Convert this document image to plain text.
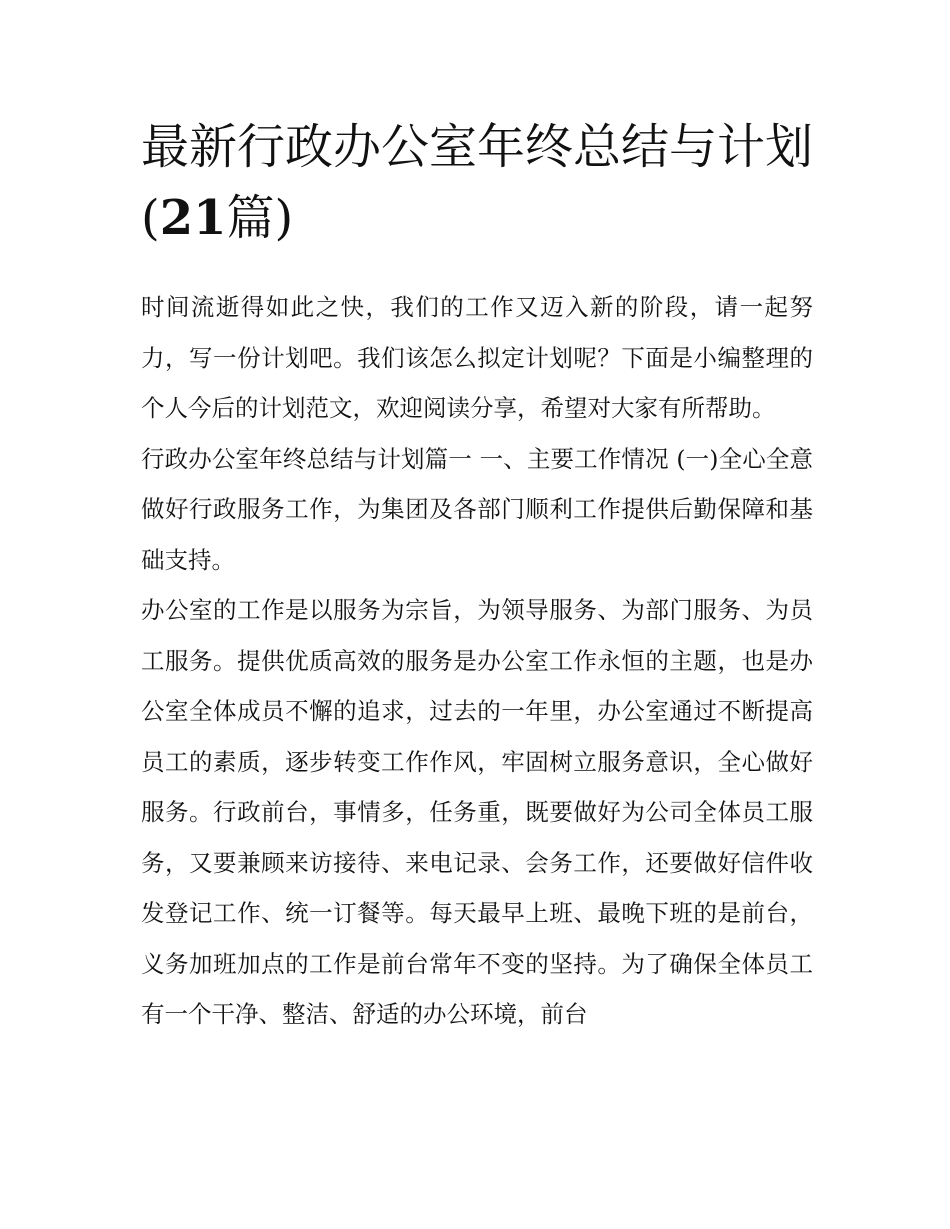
最新行政办公室年终总结与计划(21篇)

时间流逝得如此之快，我们的工作又迈入新的阶段，请一起努力，写一份计划吧。我们该怎么拟定计划呢？下面是小编整理的个人今后的计划范文，欢迎阅读分享，希望对大家有所帮助。

行政办公室年终总结与计划篇一 一、主要工作情况 (一)全心全意做好行政服务工作，为集团及各部门顺利工作提供后勤保障和基础支持。

办公室的工作是以服务为宗旨，为领导服务、为部门服务、为员工服务。提供优质高效的服务是办公室工作永恒的主题，也是办公室全体成员不懈的追求，过去的一年里，办公室通过不断提高员工的素质，逐步转变工作作风，牢固树立服务意识，全心做好服务。行政前台，事情多，任务重，既要做好为公司全体员工服务，又要兼顾来访接待、来电记录、会务工作，还要做好信件收发登记工作、统一订餐等。每天最早上班、最晚下班的是前台，义务加班加点的工作是前台常年不变的坚持。为了确保全体员工有一个干净、整洁、舒适的办公环境，前台
